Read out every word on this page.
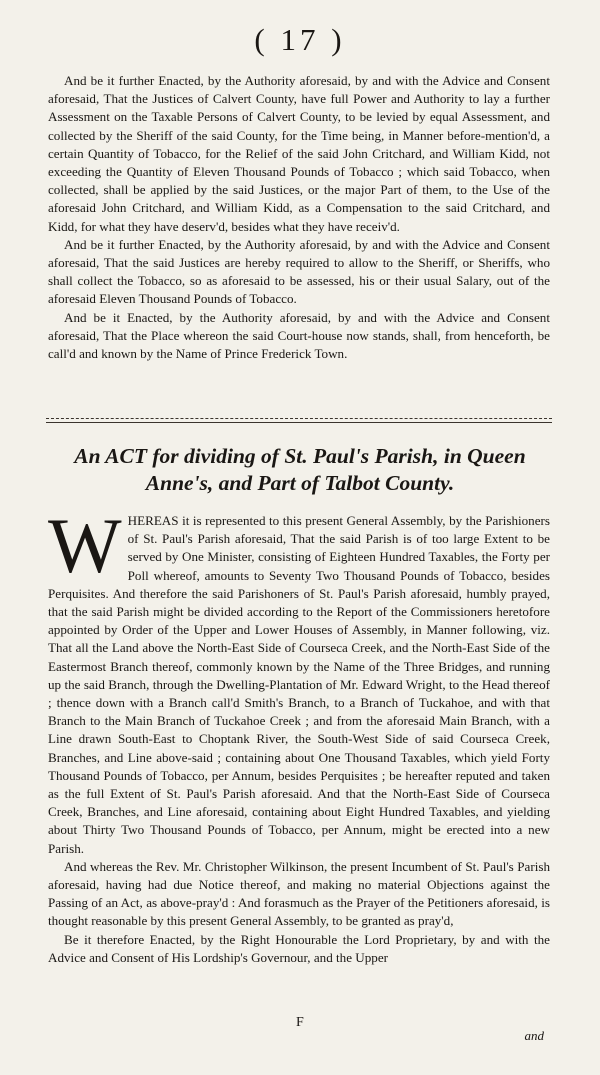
( 17 )

And be it further Enacted, by the Authority aforesaid, by and with the Advice and Consent aforesaid, That the Justices of Calvert County, have full Power and Authority to lay a further Assessment on the Taxable Persons of Calvert County, to be levied by equal Assessment, and collected by the Sheriff of the said County, for the Time being, in Manner before-mention'd, a certain Quantity of Tobacco, for the Relief of the said John Critchard, and William Kidd, not exceeding the Quantity of Eleven Thousand Pounds of Tobacco ; which said Tobacco, when collected, shall be applied by the said Justices, or the major Part of them, to the Use of the aforesaid John Critchard, and William Kidd, as a Compensation to the said Critchard, and Kidd, for what they have deserv'd, besides what they have receiv'd.

And be it further Enacted, by the Authority aforesaid, by and with the Advice and Consent aforesaid, That the said Justices are hereby required to allow to the Sheriff, or Sheriffs, who shall collect the Tobacco, so as aforesaid to be assessed, his or their usual Salary, out of the aforesaid Eleven Thousand Pounds of Tobacco.

And be it Enacted, by the Authority aforesaid, by and with the Advice and Consent aforesaid, That the Place whereon the said Court-house now stands, shall, from henceforth, be call'd and known by the Name of Prince Frederick Town.

An ACT for dividing of St. Paul's Parish, in Queen Anne's, and Part of Talbot County.

WHEREAS it is represented to this present General Assembly, by the Parishioners of St. Paul's Parish aforesaid, That the said Parish is of too large Extent to be served by One Minister, consisting of Eighteen Hundred Taxables, the Forty per Poll whereof, amounts to Seventy Two Thousand Pounds of Tobacco, besides Perquisites. And therefore the said Parishoners of St. Paul's Parish aforesaid, humbly prayed, that the said Parish might be divided according to the Report of the Commissioners heretofore appointed by Order of the Upper and Lower Houses of Assembly, in Manner following, viz. That all the Land above the North-East Side of Courseca Creek, and the North-East Side of the Eastermost Branch thereof, commonly known by the Name of the Three Bridges, and running up the said Branch, through the Dwelling-Plantation of Mr. Edward Wright, to the Head thereof ; thence down with a Branch call'd Smith's Branch, to a Branch of Tuckahoe, and with that Branch to the Main Branch of Tuckahoe Creek ; and from the aforesaid Main Branch, with a Line drawn South-East to Choptank River, the South-West Side of said Courseca Creek, Branches, and Line above-said ; containing about One Thousand Taxables, which yield Forty Thousand Pounds of Tobacco, per Annum, besides Perquisites ; be hereafter reputed and taken as the full Extent of St. Paul's Parish aforesaid. And that the North-East Side of Courseca Creek, Branches, and Line aforesaid, containing about Eight Hundred Taxables, and yielding about Thirty Two Thousand Pounds of Tobacco, per Annum, might be erected into a new Parish.

And whereas the Rev. Mr. Christopher Wilkinson, the present Incumbent of St. Paul's Parish aforesaid, having had due Notice thereof, and making no material Objections against the Passing of an Act, as above-pray'd : And forasmuch as the Prayer of the Petitioners aforesaid, is thought reasonable by this present General Assembly, to be granted as pray'd,

Be it therefore Enacted, by the Right Honourable the Lord Proprietary, by and with the Advice and Consent of His Lordship's Governour, and the Upper

F
and
